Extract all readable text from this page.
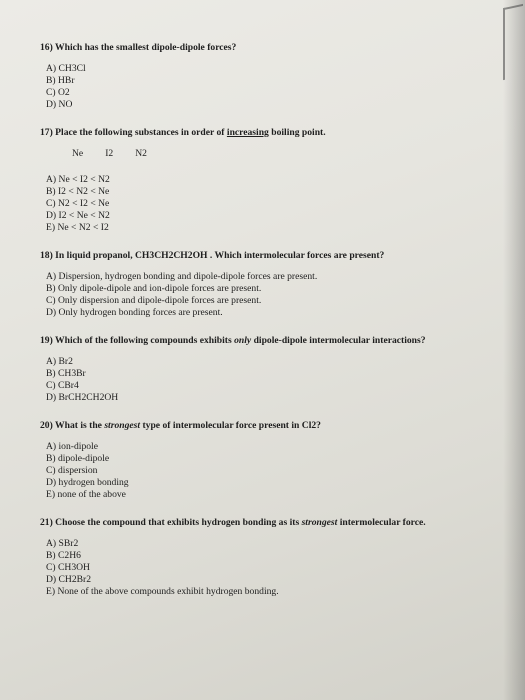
16) Which has the smallest dipole-dipole forces?
A) CH3Cl
B) HBr
C) O2
D) NO
17) Place the following substances in order of increasing boiling point.
Ne I2 N2
A) Ne < I2 < N2
B) I2 < N2 < Ne
C) N2 < I2 < Ne
D) I2 < Ne < N2
E) Ne < N2 < I2
18) In liquid propanol, CH3CH2CH2OH . Which intermolecular forces are present?
A) Dispersion, hydrogen bonding and dipole-dipole forces are present.
B) Only dipole-dipole and ion-dipole forces are present.
C) Only dispersion and dipole-dipole forces are present.
D) Only hydrogen bonding forces are present.
19) Which of the following compounds exhibits only dipole-dipole intermolecular interactions?
A) Br2
B) CH3Br
C) CBr4
D) BrCH2CH2OH
20) What is the strongest type of intermolecular force present in Cl2?
A) ion-dipole
B) dipole-dipole
C) dispersion
D) hydrogen bonding
E) none of the above
21) Choose the compound that exhibits hydrogen bonding as its strongest intermolecular force.
A) SBr2
B) C2H6
C) CH3OH
D) CH2Br2
E) None of the above compounds exhibit hydrogen bonding.
